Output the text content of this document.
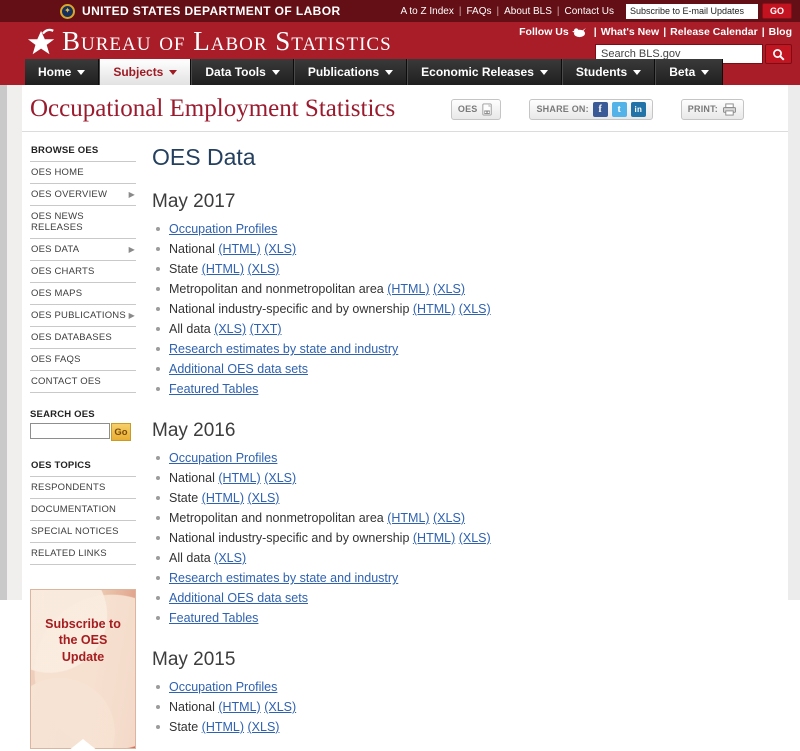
✦ UNITED STATES DEPARTMENT OF LABOR	A to Z Index | FAQs | About BLS | Contact Us
Subscribe to E-mail Updates	GO
Bureau of Labor Statistics	Follow Us	| What's New | Release Calendar | Blog
Search BLS.gov
Home	Subjects	Data Tools	Publications	Economic Releases	Students	Beta
Occupational Employment Statistics	OES	SHARE ON: f	t	in	PRINT:
BROWSE OES
OES HOME
OES OVERVIEW	▶
OES NEWS RELEASES
OES DATA	▶
OES CHARTS
OES MAPS
OES PUBLICATIONS ▶
OES DATABASES
OES FAQS
CONTACT OES
SEARCH OES
Go
OES TOPICS
RESPONDENTS
DOCUMENTATION
SPECIAL NOTICES
RELATED LINKS
Subscribe to the OES Update
OES Data
May 2017
Occupation Profiles
National (HTML) (XLS)
State (HTML) (XLS)
Metropolitan and nonmetropolitan area (HTML) (XLS)
National industry-specific and by ownership (HTML) (XLS)
All data (XLS) (TXT)
Research estimates by state and industry
Additional OES data sets
Featured Tables
May 2016
Occupation Profiles
National (HTML) (XLS)
State (HTML) (XLS)
Metropolitan and nonmetropolitan area (HTML) (XLS)
National industry-specific and by ownership (HTML) (XLS)
All data (XLS)
Research estimates by state and industry
Additional OES data sets
Featured Tables
May 2015
Occupation Profiles
National (HTML) (XLS)
State (HTML) (XLS)
